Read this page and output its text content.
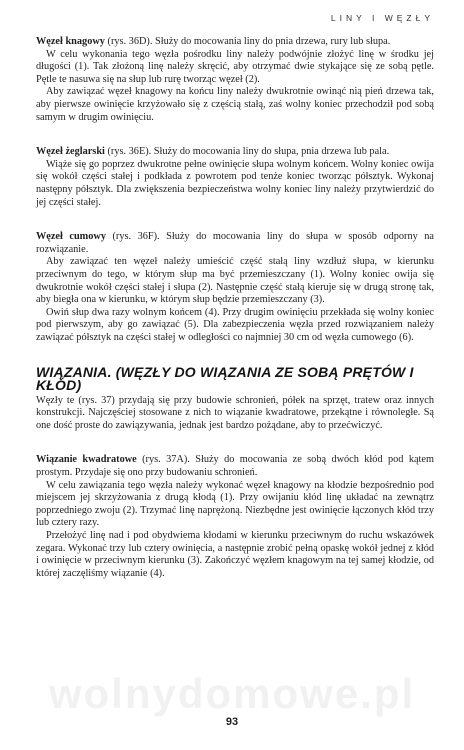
LINY I WĘZŁY

Węzeł knagowy (rys. 36D). Służy do mocowania liny do pnia drzewa, rury lub słupa.

W celu wykonania tego węzła pośrodku liny należy podwójnie złożyć linę w środku jej długości (1). Tak złożoną linę należy skręcić, aby otrzymać dwie stykające się ze sobą pętle. Pętle te nasuwa się na słup lub rurę tworząc węzeł (2).

Aby zawiązać węzeł knagowy na końcu liny należy dwukrotnie owinąć nią pień drzewa tak, aby pierwsze owinięcie krzyżowało się z częścią stałą, zaś wolny koniec przechodził pod sobą samym w drugim owinięciu.

Węzeł żeglarski (rys. 36E). Służy do mocowania liny do słupa, pnia drzewa lub pala.

Wiąże się go poprzez dwukrotne pełne owinięcie słupa wolnym końcem. Wolny koniec owija się wokół części stałej i podkłada z powrotem pod tenże koniec tworząc półsztyk. Wykonaj następny półsztyk. Dla zwiększenia bezpieczeństwa wolny koniec liny należy przytwierdzić do jej części stałej.

Węzeł cumowy (rys. 36F). Służy do mocowania liny do słupa w sposób odporny na rozwiązanie.

Aby zawiązać ten węzeł należy umieścić część stałą liny wzdłuż słupa, w kierunku przeciwnym do tego, w którym słup ma być przemieszczany (1). Wolny koniec owija się dwukrotnie wokół części stałej i słupa (2). Następnie część stałą kieruje się w drugą stronę tak, aby biegła ona w kierunku, w którym słup będzie przemieszczany (3).

Owiń słup dwa razy wolnym końcem (4). Przy drugim owinięciu przekłada się wolny koniec pod pierwszym, aby go zawiązać (5). Dla zabezpieczenia węzła przed rozwiązaniem należy zawiązać półsztyk na części stałej w odległości co najmniej 30 cm od węzła cumowego (6).

WIĄZANIA. (WĘZŁY DO WIĄZANIA ZE SOBĄ PRĘTÓW I KŁÓD)

Węzły te (rys. 37) przydają się przy budowie schronień, półek na sprzęt, tratew oraz innych konstrukcji. Najczęściej stosowane z nich to wiązanie kwadratowe, przekątne i równoległe. Są one dość proste do zawiązywania, jednak jest bardzo pożądane, aby to przećwiczyć.

Wiązanie kwadratowe (rys. 37A). Służy do mocowania ze sobą dwóch kłód pod kątem prostym. Przydaje się ono przy budowaniu schronień.

W celu zawiązania tego węzła należy wykonać węzeł knagowy na kłodzie bezpośrednio pod miejscem jej skrzyżowania z drugą kłodą (1). Przy owijaniu kłód linę układać na zewnątrz poprzedniego zwoju (2). Trzymać linę naprężoną. Niezbędne jest owinięcie łączonych kłód trzy lub cztery razy.

Przełożyć linę nad i pod obydwiema kłodami w kierunku przeciwnym do ruchu wskazówek zegara. Wykonać trzy lub cztery owinięcia, a następnie zrobić pełną opaskę wokół jednej z kłód i owinięcie w przeciwnym kierunku (3). Zakończyć węzłem knagowym na tej samej kłodzie, od której zaczęliśmy wiązanie (4).

wolnydomowe.pl
93
